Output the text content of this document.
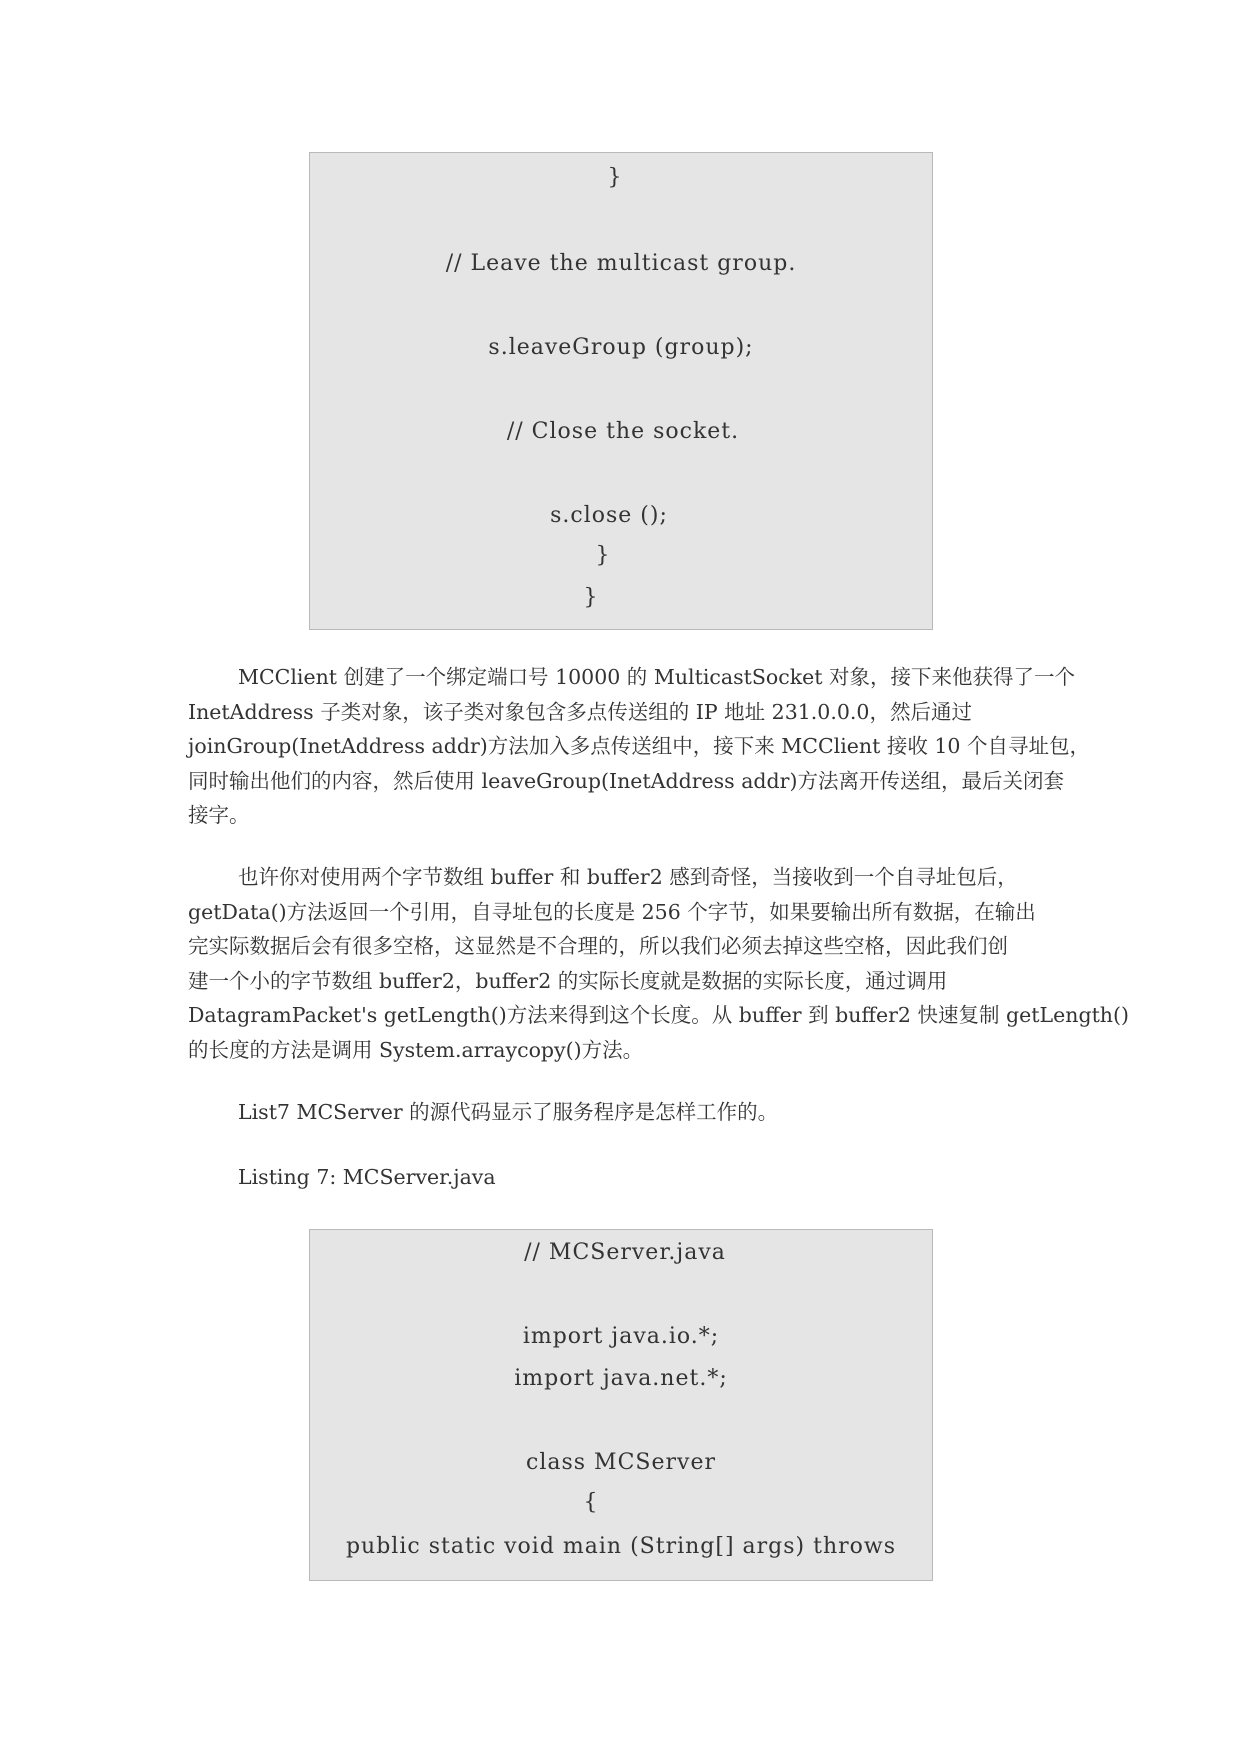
}
// Leave the multicast group.
s.leaveGroup (group);
// Close the socket.
s.close ();
}
}
MCClient 创建了一个绑定端口号 10000 的 MulticastSocket 对象，接下来他获得了一个
InetAddress 子类对象，该子类对象包含多点传送组的 IP 地址 231.0.0.0，然后通过
joinGroup(InetAddress addr)方法加入多点传送组中，接下来 MCClient 接收 10 个自寻址包，
同时输出他们的内容，然后使用 leaveGroup(InetAddress addr)方法离开传送组，最后关闭套
接字。
也许你对使用两个字节数组 buffer 和 buffer2 感到奇怪，当接收到一个自寻址包后，
getData()方法返回一个引用，自寻址包的长度是 256 个字节，如果要输出所有数据，在输出
完实际数据后会有很多空格，这显然是不合理的，所以我们必须去掉这些空格，因此我们创
建一个小的字节数组 buffer2，buffer2 的实际长度就是数据的实际长度，通过调用
DatagramPacket's getLength()方法来得到这个长度。从 buffer 到 buffer2 快速复制 getLength()
的长度的方法是调用 System.arraycopy()方法。
List7 MCServer 的源代码显示了服务程序是怎样工作的。
Listing 7: MCServer.java
// MCServer.java
import java.io.*;
import java.net.*;
class MCServer
{
public static void main (String[] args) throws
